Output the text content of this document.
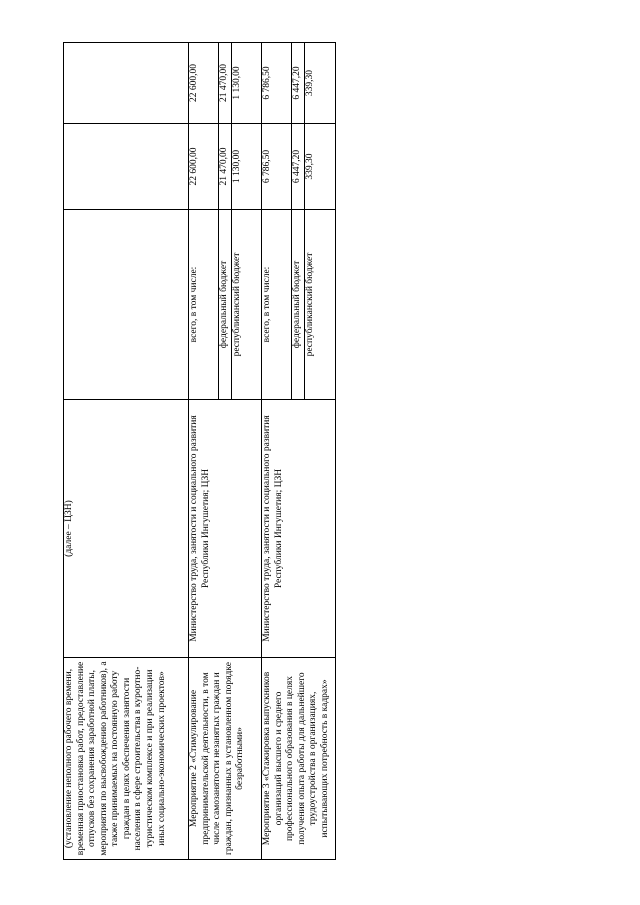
(установление неполного рабочего времени, временная приостановка работ, предоставление отпусков без сохранения заработной платы, мероприятия по высвобождению работников), а также принимаемых на постоянную работу граждан в целях обеспечения занятости населения в сфере строительства в курортно-туристическом комплексе и при реализации иных социально-экономических проектов»	(далее – ЦЗН)			
Мероприятие 2 «Стимулирование предпринимательской деятельности, в том числе самозанятости незанятых граждан и граждан, признанных в установленном порядке безработными»	Министерство труда, занятости и социального развития Республики Ингушетия; ЦЗН	всего, в том числе:	22 600,00	22 600,00
		федеральный бюджет	21 470,00	21 470,00
		республиканский бюджет	1 130,00	1 130,00
Мероприятие 3 «Стажировка выпускников организаций высшего и среднего профессионального образования в целях получения опыта работы для дальнейшего трудоустройства в организациях, испытывающих потребность в кадрах»	Министерство труда, занятости и социального развития Республики Ингушетия; ЦЗН	всего, в том числе:	6 786,50	6 786,50
		федеральный бюджет	6 447,20	6 447,20
		республиканский бюджет	339,30	339,30
